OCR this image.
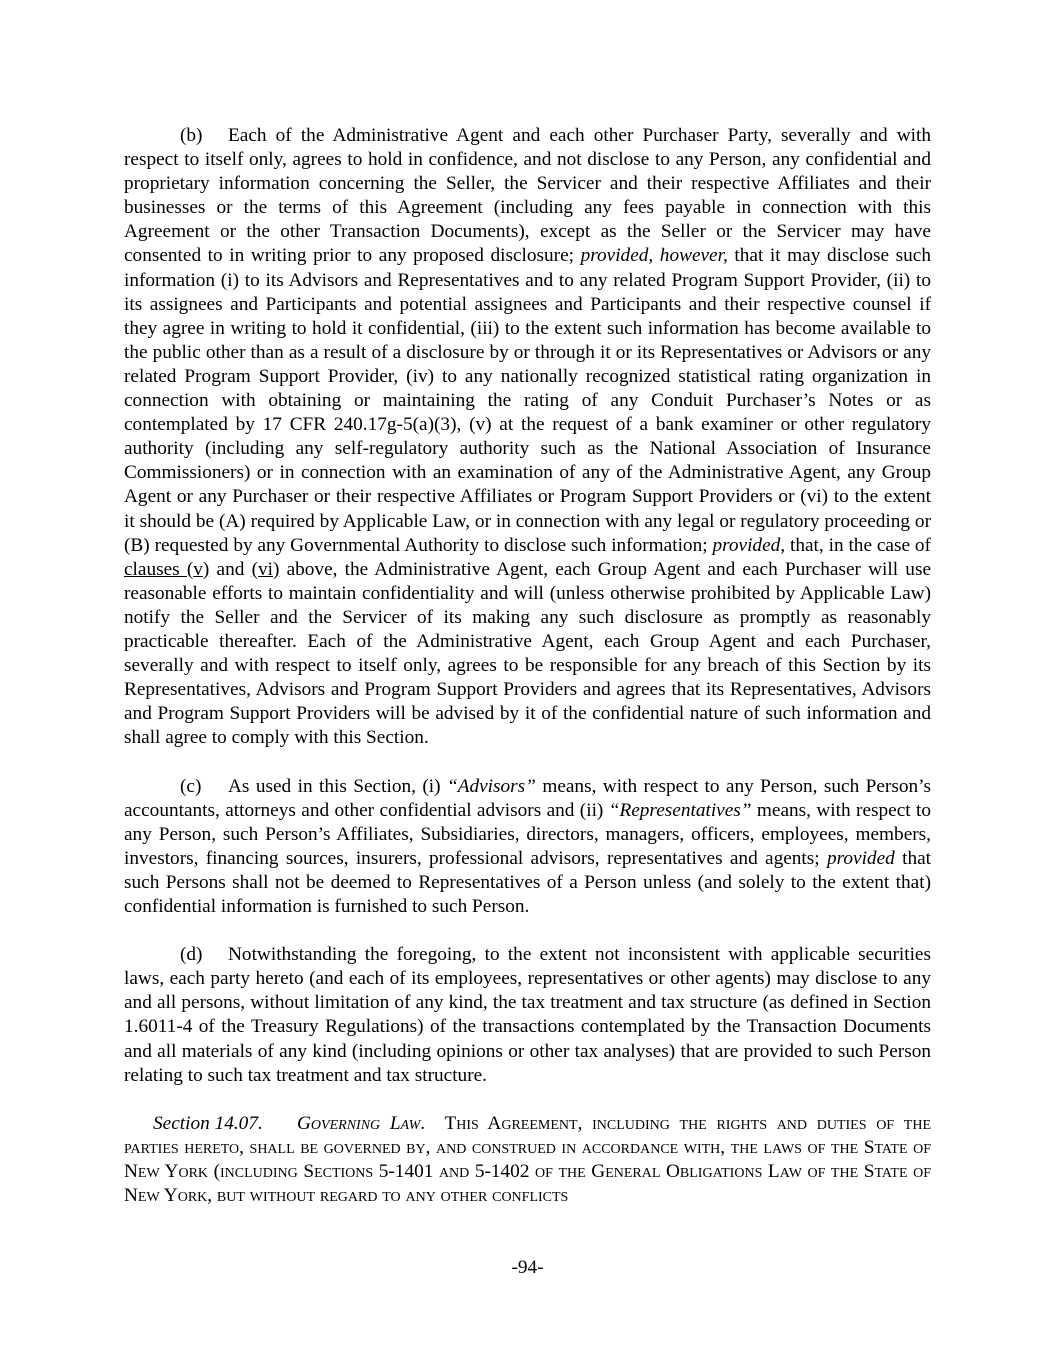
(b) Each of the Administrative Agent and each other Purchaser Party, severally and with respect to itself only, agrees to hold in confidence, and not disclose to any Person, any confidential and proprietary information concerning the Seller, the Servicer and their respective Affiliates and their businesses or the terms of this Agreement (including any fees payable in connection with this Agreement or the other Transaction Documents), except as the Seller or the Servicer may have consented to in writing prior to any proposed disclosure; provided, however, that it may disclose such information (i) to its Advisors and Representatives and to any related Program Support Provider, (ii) to its assignees and Participants and potential assignees and Participants and their respective counsel if they agree in writing to hold it confidential, (iii) to the extent such information has become available to the public other than as a result of a disclosure by or through it or its Representatives or Advisors or any related Program Support Provider, (iv) to any nationally recognized statistical rating organization in connection with obtaining or maintaining the rating of any Conduit Purchaser’s Notes or as contemplated by 17 CFR 240.17g-5(a)(3), (v) at the request of a bank examiner or other regulatory authority (including any self-regulatory authority such as the National Association of Insurance Commissioners) or in connection with an examination of any of the Administrative Agent, any Group Agent or any Purchaser or their respective Affiliates or Program Support Providers or (vi) to the extent it should be (A) required by Applicable Law, or in connection with any legal or regulatory proceeding or (B) requested by any Governmental Authority to disclose such information; provided, that, in the case of clauses (v) and (vi) above, the Administrative Agent, each Group Agent and each Purchaser will use reasonable efforts to maintain confidentiality and will (unless otherwise prohibited by Applicable Law) notify the Seller and the Servicer of its making any such disclosure as promptly as reasonably practicable thereafter. Each of the Administrative Agent, each Group Agent and each Purchaser, severally and with respect to itself only, agrees to be responsible for any breach of this Section by its Representatives, Advisors and Program Support Providers and agrees that its Representatives, Advisors and Program Support Providers will be advised by it of the confidential nature of such information and shall agree to comply with this Section.

(c) As used in this Section, (i) “Advisors” means, with respect to any Person, such Person’s accountants, attorneys and other confidential advisors and (ii) “Representatives” means, with respect to any Person, such Person’s Affiliates, Subsidiaries, directors, managers, officers, employees, members, investors, financing sources, insurers, professional advisors, representatives and agents; provided that such Persons shall not be deemed to Representatives of a Person unless (and solely to the extent that) confidential information is furnished to such Person.

(d) Notwithstanding the foregoing, to the extent not inconsistent with applicable securities laws, each party hereto (and each of its employees, representatives or other agents) may disclose to any and all persons, without limitation of any kind, the tax treatment and tax structure (as defined in Section 1.6011-4 of the Treasury Regulations) of the transactions contemplated by the Transaction Documents and all materials of any kind (including opinions or other tax analyses) that are provided to such Person relating to such tax treatment and tax structure.

Section 14.07. Governing Law. This Agreement, including the rights and duties of the parties hereto, shall be governed by, and construed in accordance with, the laws of the State of New York (including Sections 5-1401 and 5-1402 of the General Obligations Law of the State of New York, but without regard to any other conflicts

-94-
